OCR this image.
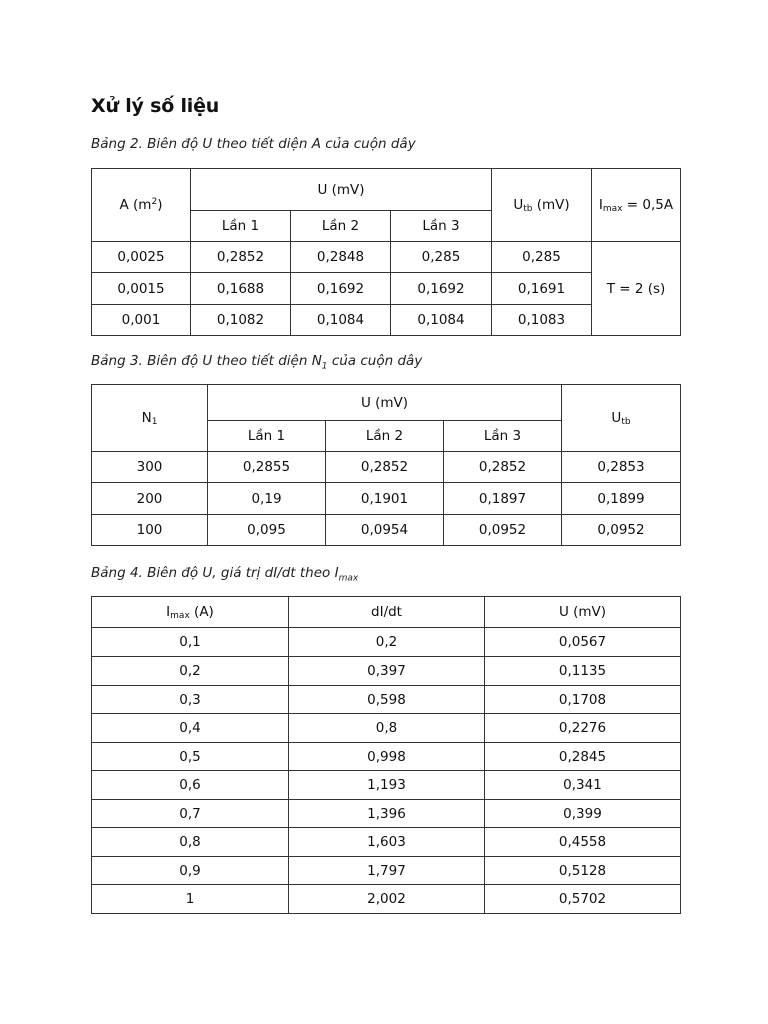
Xử lý số liệu
Bảng 2. Biên độ U theo tiết diện A của cuộn dây
A $(m^2)$	U (mV)			$U_{tb}$ (mV)	$I_{max} = 0,5A$
	Lần 1	Lần 2	Lần 3		
0,0025	0,2852	0,2848	0,285	0,285	T = 2 (s)
0,0015	0,1688	0,1692	0,1692	0,1691	
0,001	0,1082	0,1084	0,1084	0,1083	
Bảng 3. Biên độ U theo tiết diện $N_1$ của cuộn dây
$N_1$	U (mV)			$U_{tb}$
	Lần 1	Lần 2	Lần 3	
300	0,2855	0,2852	0,2852	0,2853
200	0,19	0,1901	0,1897	0,1899
100	0,095	0,0954	0,0952	0,0952
Bảng 4. Biên độ U, giá trị dI/dt theo $I_{max}$
$I_{max}$ (A)	dI/dt	U (mV)
0,1	0,2	0,0567
0,2	0,397	0,1135
0,3	0,598	0,1708
0,4	0,8	0,2276
0,5	0,998	0,2845
0,6	1,193	0,341
0,7	1,396	0,399
0,8	1,603	0,4558
0,9	1,797	0,5128
1	2,002	0,5702
